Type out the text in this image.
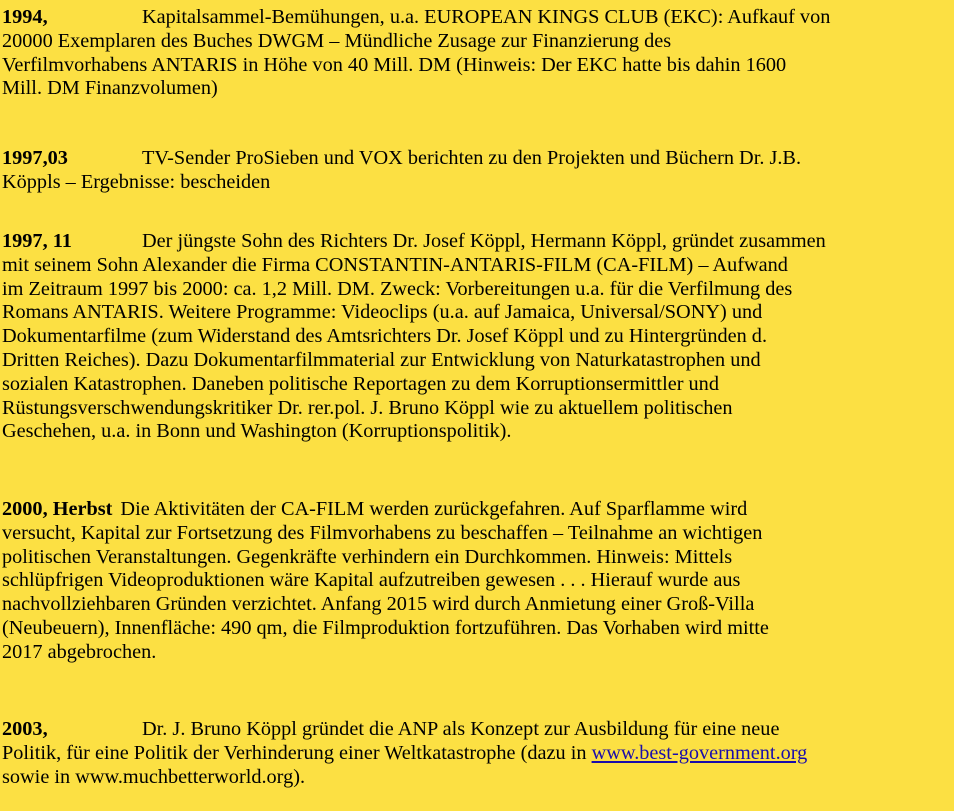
1994,	Kapitalsammel-Bemühungen, u.a. EUROPEAN KINGS CLUB (EKC): Aufkauf von
20000 Exemplaren des Buches DWGM – Mündliche Zusage zur Finanzierung des
Verfilmvorhabens ANTARIS in Höhe von 40 Mill. DM (Hinweis: Der EKC hatte bis dahin 1600
Mill. DM Finanzvolumen)
1997,03	TV-Sender ProSieben und VOX berichten zu den Projekten und Büchern Dr. J.B.
Köppls – Ergebnisse: bescheiden
1997, 11	Der jüngste Sohn des Richters Dr. Josef Köppl, Hermann Köppl, gründet zusammen
mit seinem Sohn Alexander die Firma CONSTANTIN-ANTARIS-FILM (CA-FILM) – Aufwand
im Zeitraum 1997 bis 2000: ca. 1,2 Mill. DM. Zweck: Vorbereitungen u.a. für die Verfilmung des
Romans ANTARIS. Weitere Programme: Videoclips (u.a. auf Jamaica, Universal/SONY) und
Dokumentarfilme (zum Widerstand des Amtsrichters Dr. Josef Köppl und zu Hintergründen d.
Dritten Reiches). Dazu Dokumentarfilmmaterial zur Entwicklung von Naturkatastrophen und
sozialen Katastrophen. Daneben politische Reportagen zu dem Korruptionsermittler und
Rüstungsverschwendungskritiker Dr. rer.pol. J. Bruno Köppl wie zu aktuellem politischen
Geschehen, u.a. in Bonn und Washington (Korruptionspolitik).
2000, Herbst Die Aktivitäten der CA-FILM werden zurückgefahren. Auf Sparflamme wird
versucht, Kapital zur Fortsetzung des Filmvorhabens zu beschaffen – Teilnahme an wichtigen
politischen Veranstaltungen. Gegenkräfte verhindern ein Durchkommen. Hinweis: Mittels
schlüpfrigen Videoproduktionen wäre Kapital aufzutreiben gewesen . . . Hierauf wurde aus
nachvollziehbaren Gründen verzichtet. Anfang 2015 wird durch Anmietung einer Groß-Villa
(Neubeuern), Innenfläche: 490 qm, die Filmproduktion fortzuführen. Das Vorhaben wird mitte
2017 abgebrochen.
2003,	Dr. J. Bruno Köppl gründet die ANP als Konzept zur Ausbildung für eine neue
Politik, für eine Politik der Verhinderung einer Weltkatastrophe (dazu in www.best-government.org
sowie in www.muchbetterworld.org).
